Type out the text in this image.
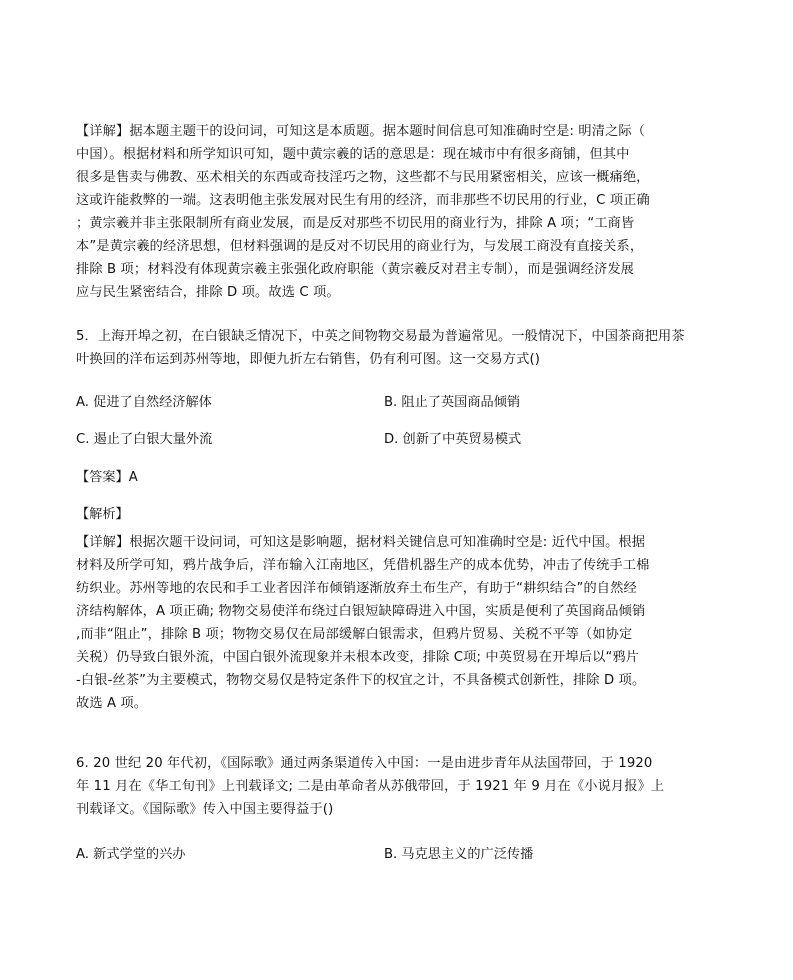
【详解】据本题主题干的设问词，可知这是本质题。据本题时间信息可知准确时空是: 明清之际（
中国）。根据材料和所学知识可知，题中黄宗羲的话的意思是：现在城市中有很多商铺，但其中
很多是售卖与佛教、巫术相关的东西或奇技淫巧之物，这些都不与民用紧密相关，应该一概痛绝，
这或许能救弊的一端。这表明他主张发展对民生有用的经济，而非那些不切民用的行业，C 项正确
；黄宗羲并非主张限制所有商业发展，而是反对那些不切民用的商业行为，排除 A 项；“工商皆
本”是黄宗羲的经济思想，但材料强调的是反对不切民用的商业行为，与发展工商没有直接关系，
排除 B 项；材料没有体现黄宗羲主张强化政府职能（黄宗羲反对君主专制），而是强调经济发展
应与民生紧密结合，排除 D 项。故选 C 项。
5．上海开埠之初，在白银缺乏情况下，中英之间物物交易最为普遍常见。一般情况下，中国茶商把用茶
叶换回的洋布运到苏州等地，即便九折左右销售，仍有利可图。这一交易方式()
A. 促进了自然经济解体	B. 阻止了英国商品倾销
C. 遏止了白银大量外流	D. 创新了中英贸易模式
【答案】A
【解析】
【详解】根据次题干设问词，可知这是影响题，据材料关键信息可知准确时空是: 近代中国。根据
材料及所学可知，鸦片战争后，洋布输入江南地区，凭借机器生产的成本优势，冲击了传统手工棉
纺织业。苏州等地的农民和手工业者因洋布倾销逐渐放弃土布生产，有助于“耕织结合”的自然经
济结构解体，A 项正确; 物物交易使洋布绕过白银短缺障碍进入中国，实质是便利了英国商品倾销
,而非“阻止”，排除 B 项；物物交易仅在局部缓解白银需求，但鸦片贸易、关税不平等（如协定
关税）仍导致白银外流，中国白银外流现象并未根本改变，排除 C项; 中英贸易在开埠后以“鸦片
-白银-丝茶”为主要模式，物物交易仅是特定条件下的权宜之计，不具备模式创新性，排除 D 项。
故选 A 项。
6. 20 世纪 20 年代初，《国际歌》通过两条渠道传入中国：一是由进步青年从法国带回，于 1920
年 11 月在《华工旬刊》上刊载译文; 二是由革命者从苏俄带回，于 1921 年 9 月在《小说月报》上
刊载译文。《国际歌》传入中国主要得益于()
A. 新式学堂的兴办	B. 马克思主义的广泛传播
